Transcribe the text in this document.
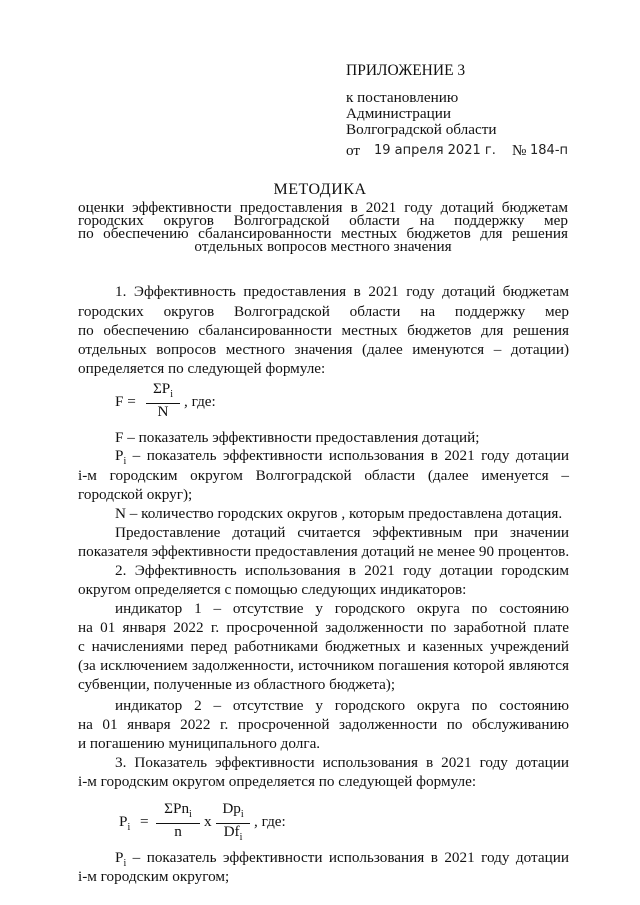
ПРИЛОЖЕНИЕ 3
к постановлению
Администрации
Волгоградской области
от 19 апреля 2021 г. № 184-п
МЕТОДИКА
оценки эффективности предоставления в 2021 году дотаций бюджетам
городских округов Волгоградской области на поддержку мер
по обеспечению сбалансированности местных бюджетов для решения
отдельных вопросов местного значения
1. Эффективность предоставления в 2021 году дотаций бюджетам
городских округов Волгоградской области на поддержку мер
по обеспечению сбалансированности местных бюджетов для решения
отдельных вопросов местного значения (далее именуются – дотации)
определяется по следующей формуле:
F =
$\Sigma P_i$
N
, где:
F – показатель эффективности предоставления дотаций;
$P_i$ – показатель эффективности использования в 2021 году дотации
i-м городским округом Волгоградской области (далее именуется –
городской округ);
N – количество городских округов , которым предоставлена дотация.
Предоставление дотаций считается эффективным при значении
показателя эффективности предоставления дотаций не менее 90 процентов.
2. Эффективность использования в 2021 году дотации городским
округом определяется с помощью следующих индикаторов:
индикатор 1 – отсутствие у городского округа по состоянию
на 01 января 2022 г. просроченной задолженности по заработной плате
с начислениями перед работниками бюджетных и казенных учреждений
(за исключением задолженности, источником погашения которой являются
субвенции, полученные из областного бюджета);
индикатор 2 – отсутствие у городского округа по состоянию
на 01 января 2022 г. просроченной задолженности по обслуживанию
и погашению муниципального долга.
3. Показатель эффективности использования в 2021 году дотации
i-м городским округом определяется по следующей формуле:
$P_i$ =
ΣPn$_i$
n
x
$Dp_i$
$Df_i$
, где:
$P_i$ – показатель эффективности использования в 2021 году дотации
i-м городским округом;
